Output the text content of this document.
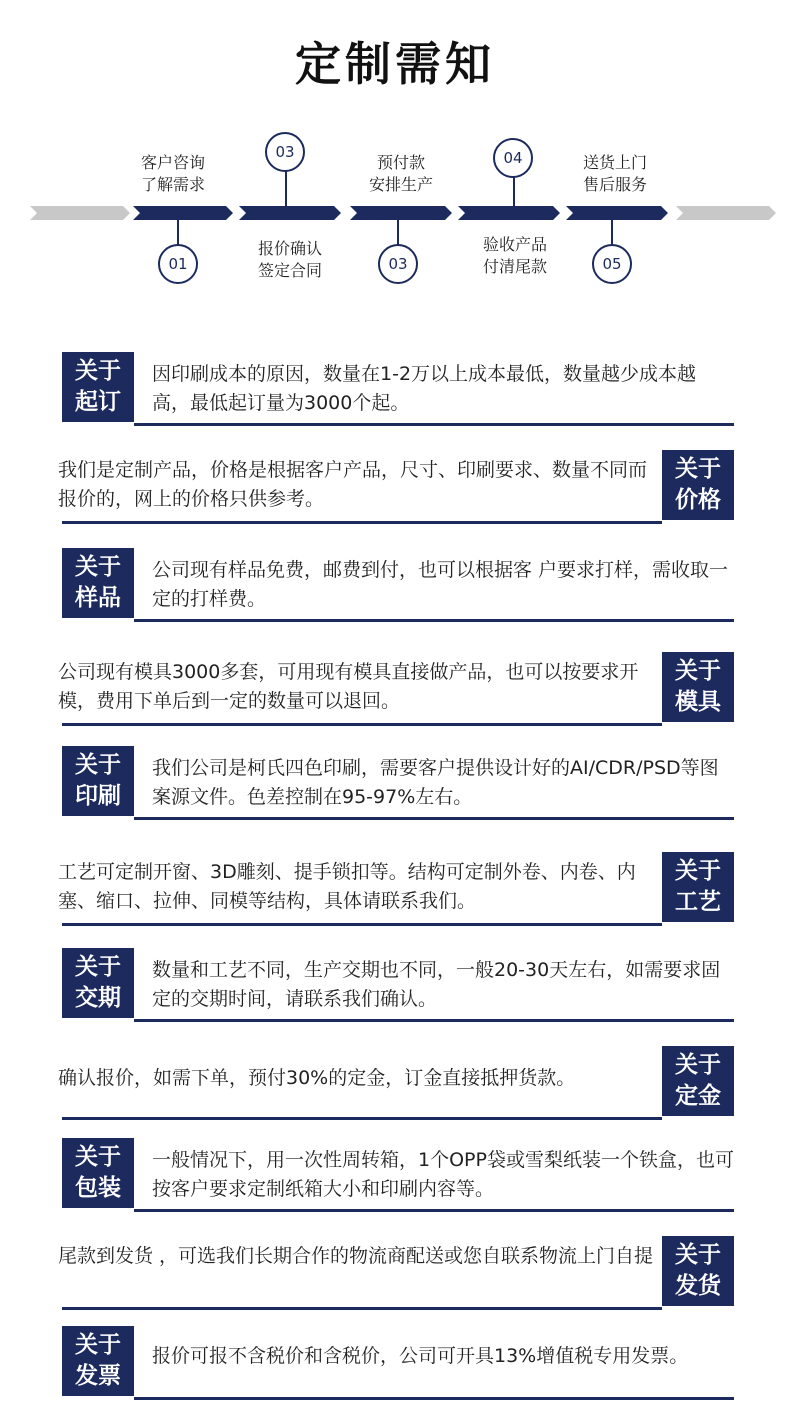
定制需知
客户咨询
了解需求
预付款
安排生产
送货上门
售后服务
03	04
01	03	05
报价确认
签定合同
验收产品
付清尾款
关于
起订
因印刷成本的原因，数量在1-2万以上成本最低，数量越少成本越高，最低起订量为3000个起。
关于
价格
我们是定制产品，价格是根据客户产品，尺寸、印刷要求、数量不同而报价的，网上的价格只供参考。
关于
样品
公司现有样品免费，邮费到付，也可以根据客 户要求打样，需收取一定的打样费。
关于
模具
公司现有模具3000多套，可用现有模具直接做产品，也可以按要求开模，费用下单后到一定的数量可以退回。
关于
印刷
我们公司是柯氏四色印刷，需要客户提供设计好的AI/CDR/PSD等图案源文件。色差控制在95-97%左右。
关于
工艺
工艺可定制开窗、3D雕刻、提手锁扣等。结构可定制外卷、内卷、内塞、缩口、拉伸、同模等结构，具体请联系我们。
关于
交期
数量和工艺不同，生产交期也不同，一般20-30天左右，如需要求固定的交期时间，请联系我们确认。
关于
定金
确认报价，如需下单，预付30%的定金，订金直接抵押货款。
关于
包装
一般情况下，用一次性周转箱，1个OPP袋或雪梨纸装一个铁盒，也可按客户要求定制纸箱大小和印刷内容等。
关于
发货
尾款到发货 ，可选我们长期合作的物流商配送或您自联系物流上门自提
关于
发票
报价可报不含税价和含税价，公司可开具13%增值税专用发票。
